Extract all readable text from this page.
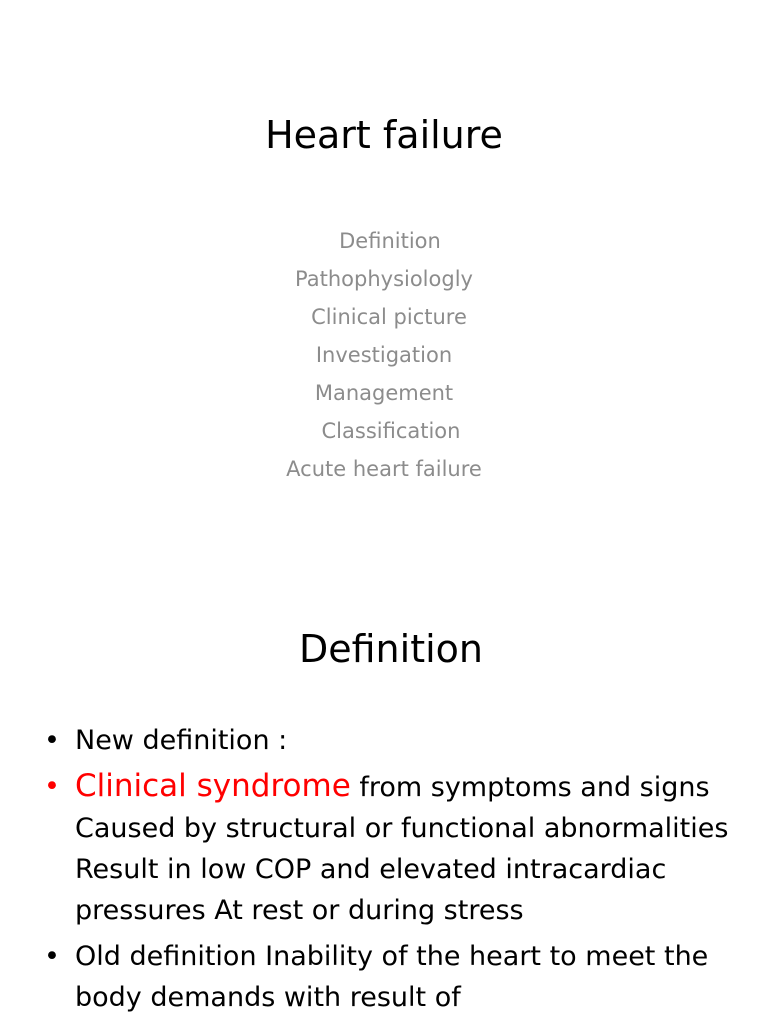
Heart failure
Definition
Pathophysiologly
Clinical picture
Investigation
Management
Classification
Acute heart failure
Definition
• New definition :
• Clinical syndrome from symptoms and signs Caused by structural or functional abnormalities Result in low COP and elevated intracardiac pressures At rest or during stress
• Old definition Inability of the heart to meet the body demands with result of
